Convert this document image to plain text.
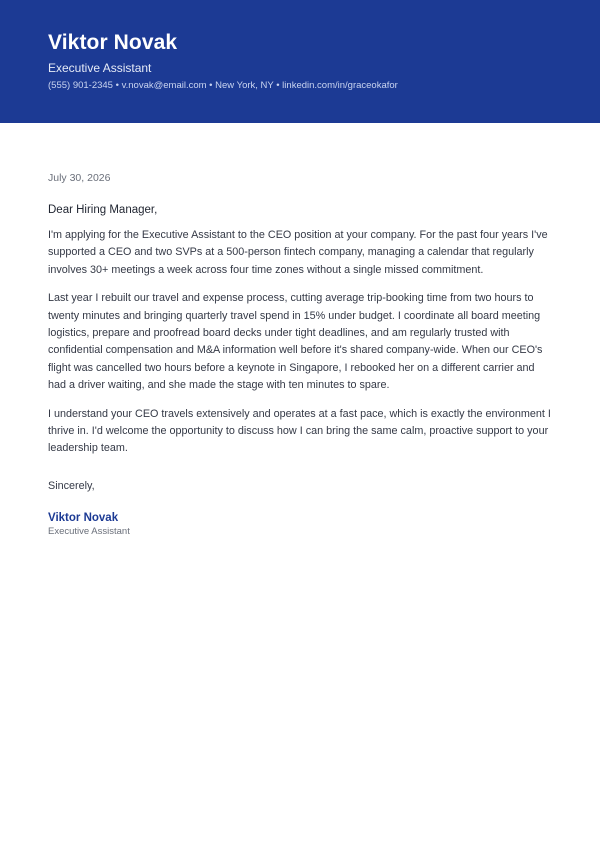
Viktor Novak
Executive Assistant
(555) 901-2345 • v.novak@email.com • New York, NY • linkedin.com/in/graceokafor

July 30, 2026

Dear Hiring Manager,

I'm applying for the Executive Assistant to the CEO position at your company. For the past four years I've supported a CEO and two SVPs at a 500-person fintech company, managing a calendar that regularly involves 30+ meetings a week across four time zones without a single missed commitment.

Last year I rebuilt our travel and expense process, cutting average trip-booking time from two hours to twenty minutes and bringing quarterly travel spend in 15% under budget. I coordinate all board meeting logistics, prepare and proofread board decks under tight deadlines, and am regularly trusted with confidential compensation and M&A information well before it's shared company-wide. When our CEO's flight was cancelled two hours before a keynote in Singapore, I rebooked her on a different carrier and had a driver waiting, and she made the stage with ten minutes to spare.

I understand your CEO travels extensively and operates at a fast pace, which is exactly the environment I thrive in. I'd welcome the opportunity to discuss how I can bring the same calm, proactive support to your leadership team.

Sincerely,

Viktor Novak

Executive Assistant
